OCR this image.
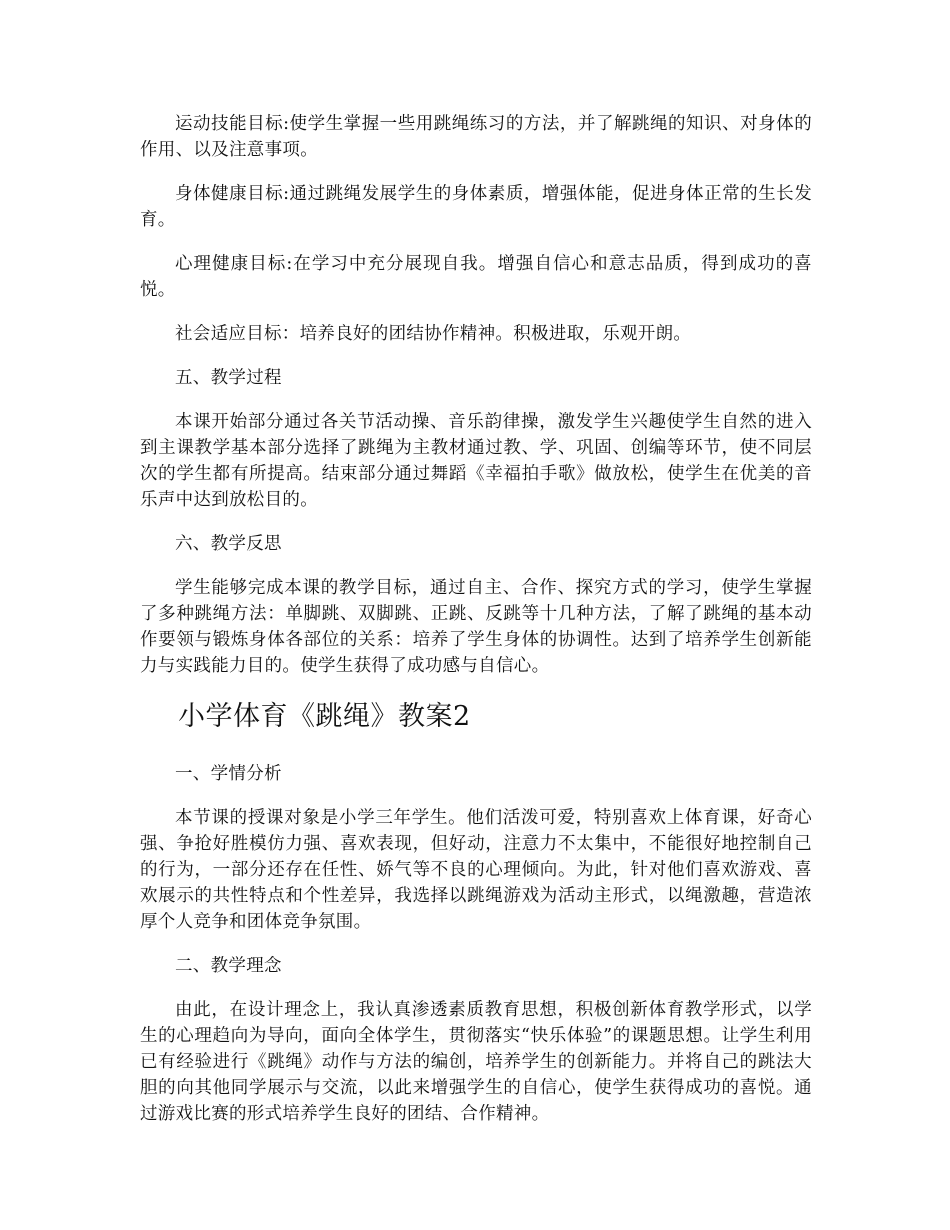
运动技能目标:使学生掌握一些用跳绳练习的方法，并了解跳绳的知识、对身体的作用、以及注意事项。

身体健康目标:通过跳绳发展学生的身体素质，增强体能，促进身体正常的生长发育。

心理健康目标:在学习中充分展现自我。增强自信心和意志品质，得到成功的喜悦。

社会适应目标：培养良好的团结协作精神。积极进取，乐观开朗。

五、教学过程

本课开始部分通过各关节活动操、音乐韵律操，激发学生兴趣使学生自然的进入到主课教学基本部分选择了跳绳为主教材通过教、学、巩固、创编等环节，使不同层次的学生都有所提高。结束部分通过舞蹈《幸福拍手歌》做放松，使学生在优美的音乐声中达到放松目的。

六、教学反思

学生能够完成本课的教学目标，通过自主、合作、探究方式的学习，使学生掌握了多种跳绳方法：单脚跳、双脚跳、正跳、反跳等十几种方法，了解了跳绳的基本动作要领与锻炼身体各部位的关系：培养了学生身体的协调性。达到了培养学生创新能力与实践能力目的。使学生获得了成功感与自信心。

小学体育《跳绳》教案2

一、学情分析

本节课的授课对象是小学三年学生。他们活泼可爱，特别喜欢上体育课，好奇心强、争抢好胜模仿力强、喜欢表现，但好动，注意力不太集中，不能很好地控制自己的行为，一部分还存在任性、娇气等不良的心理倾向。为此，针对他们喜欢游戏、喜欢展示的共性特点和个性差异，我选择以跳绳游戏为活动主形式，以绳激趣，营造浓厚个人竞争和团体竞争氛围。

二、教学理念

由此，在设计理念上，我认真渗透素质教育思想，积极创新体育教学形式，以学生的心理趋向为导向，面向全体学生，贯彻落实“快乐体验”的课题思想。让学生利用已有经验进行《跳绳》动作与方法的编创，培养学生的创新能力。并将自己的跳法大胆的向其他同学展示与交流，以此来增强学生的自信心，使学生获得成功的喜悦。通过游戏比赛的形式培养学生良好的团结、合作精神。
